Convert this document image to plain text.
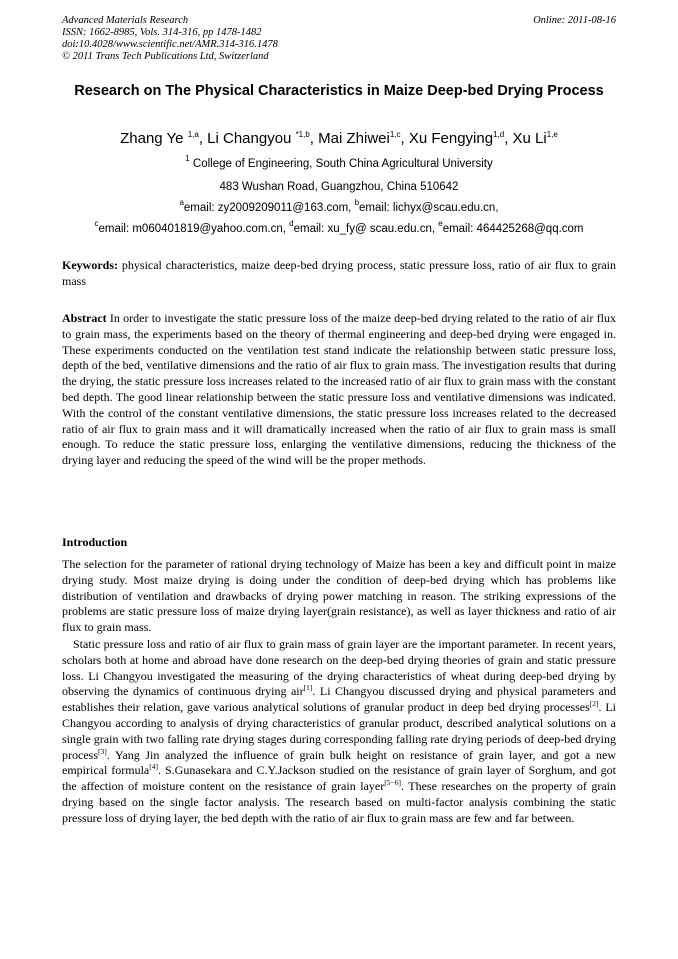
Advanced Materials Research
ISSN: 1662-8985, Vols. 314-316, pp 1478-1482
doi:10.4028/www.scientific.net/AMR.314-316.1478
© 2011 Trans Tech Publications Ltd, Switzerland
Online: 2011-08-16
Research on The Physical Characteristics in Maize Deep-bed Drying Process
Zhang Ye $^{1,a}$, Li Changyou $^{*1,b}$, Mai Zhiwei$^{1,c}$, Xu Fengying$^{1,d}$, Xu Li$^{1,e}$
$^1$ College of Engineering, South China Agricultural University
483 Wushan Road, Guangzhou, China 510642
$^a$email: zy2009209011@163.com, $^b$email: lichyx@scau.edu.cn,
$^c$email: m060401819@yahoo.com.cn, $^d$email: xu_fy@ scau.edu.cn, $^e$email: 464425268@qq.com
Keywords: physical characteristics, maize deep-bed drying process, static pressure loss, ratio of air flux to grain mass
Abstract In order to investigate the static pressure loss of the maize deep-bed drying related to the ratio of air flux to grain mass, the experiments based on the theory of thermal engineering and deep-bed drying were engaged in. These experiments conducted on the ventilation test stand indicate the relationship between static pressure loss, depth of the bed, ventilative dimensions and the ratio of air flux to grain mass. The investigation results that during the drying, the static pressure loss increases related to the increased ratio of air flux to grain mass with the constant bed depth. The good linear relationship between the static pressure loss and ventilative dimensions was indicated. With the control of the constant ventilative dimensions, the static pressure loss increases related to the decreased ratio of air flux to grain mass and it will dramatically increased when the ratio of air flux to grain mass is small enough. To reduce the static pressure loss, enlarging the ventilative dimensions, reducing the thickness of the drying layer and reducing the speed of the wind will be the proper methods.
Introduction
The selection for the parameter of rational drying technology of Maize has been a key and difficult point in maize drying study. Most maize drying is doing under the condition of deep-bed drying which has problems like distribution of ventilation and drawbacks of drying power matching in reason. The striking expressions of the problems are static pressure loss of maize drying layer(grain resistance), as well as layer thickness and ratio of air flux to grain mass.
Static pressure loss and ratio of air flux to grain mass of grain layer are the important parameter. In recent years, scholars both at home and abroad have done research on the deep-bed drying theories of grain and static pressure loss. Li Changyou investigated the measuring of the drying characteristics of wheat during deep-bed drying by observing the dynamics of continuous drying air[1]. Li Changyou discussed drying and physical parameters and establishes their relation, gave various analytical solutions of granular product in deep bed drying processes[2]. Li Changyou according to analysis of drying characteristics of granular product, described analytical solutions on a single grain with two falling rate drying stages during corresponding falling rate drying periods of deep-bed drying process[3]. Yang Jin analyzed the influence of grain bulk height on resistance of grain layer, and got a new empirical formula[4]. S.Gunasekara and C.Y.Jackson studied on the resistance of grain layer of Sorghum, and got the affection of moisture content on the resistance of grain layer[5−6]. These researches on the property of grain drying based on the single factor analysis. The research based on multi-factor analysis combining the static pressure loss of drying layer, the bed depth with the ratio of air flux to grain mass are few and far between.
